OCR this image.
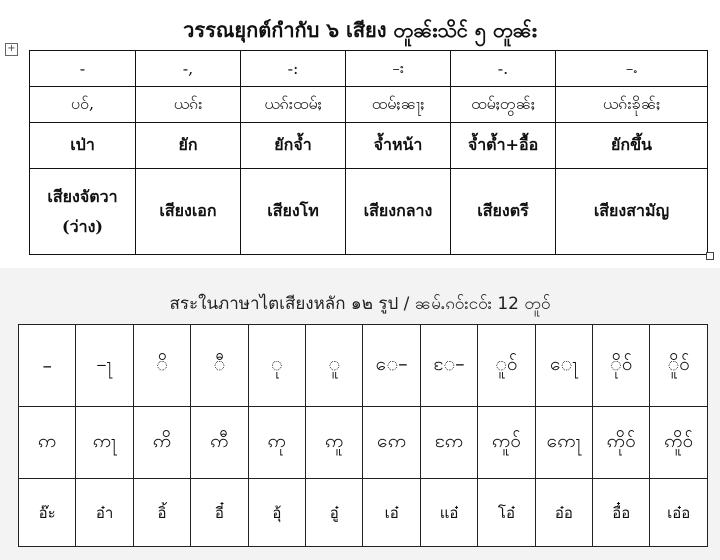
วรรณยุกต์กำกับ ๖ เสียง တူၼ်းသိင် ၅ တူၼ်း
+
-	-,	-:	-း	-.	-ႉ
ပဝ်,	ယၵ်း	ယၵ်းထမ်ႈ	ထမ်ႈၼႃႈ	ထမ်ႈတွၼ်ႈ	ယၵ်းၶိုၼ်ႈ
เป่า	ยัก	ยักจ้ำ	จ้ำหน้า	จ้ำต้ำ+อื้อ	ยักขึ้น
เสียงจัตวา (ว่าง)	เสียงเอก	เสียงโท	เสียงกลาง	เสียงตรี	เสียงสามัญ
สระในภาษาไตเสียงหลัก ๑๒ รูป / ၼမ်ႉၵဝ်းငဝ်း 12 တူဝ်
–	–ႃ	ိ	ီ	ု	ူ	ေ–	ႄ–	ူဝ်	ေႃ	ိုဝ်	ိူဝ်
ဢ	ဢႃ	ဢိ	ဢီ	ဢု	ဢူ	ဢေ	ဢႄ	ဢူဝ်	ဢေႃ	ဢိုဝ်	ဢိူဝ်
อ๊ะ	อ๋า	อิ้	อี๋	อุ้	อู๋	เอ๋	แอ๋	โอ๋	อ๋อ	อื๋อ	เอ๋อ
